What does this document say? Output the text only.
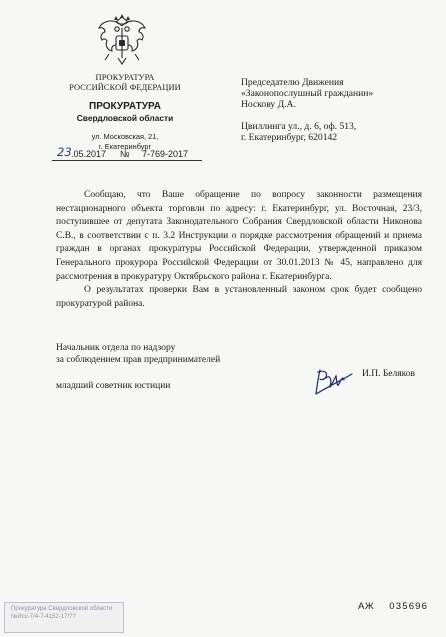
ПРОКУРАТУРА
РОССИЙСКОЙ ФЕДЕРАЦИИ
ПРОКУРАТУРА
Свердловской области
ул. Московская, 21,
г. Екатеринбург
23 .05.2017 № 7-769-2017
Председателю Движения
«Законопослушный гражданин»
Носкову Д.А.
Цвиллинга ул., д. 6, оф. 513,
г. Екатеринбург, 620142

Сообщаю, что Ваше обращение по вопросу законности размещения нестационарного объекта торговли по адресу: г. Екатеринбург, ул. Восточная, 23/3, поступившее от депутата Законодательного Собрания Свердловской области Никонова С.В., в соответствии с п. 3.2 Инструкции о порядке рассмотрения обращений и приема граждан в органах прокуратуры Российской Федерации, утвержденной приказом Генерального прокурора Российской Федерации от 30.01.2013 № 45, направлено для рассмотрения в прокуратуру Октябрьского района г. Екатеринбурга.

О результатах проверки Вам в установленный законом срок будет сообщено прокуратурой района.

Начальник отдела по надзору
за соблюдением прав предпринимателей
младший советник юстиции
И.П. Беляков
Прокуратура Свердловской области
№Исх-7/4-7-4152-17/??
АЖ 035696
